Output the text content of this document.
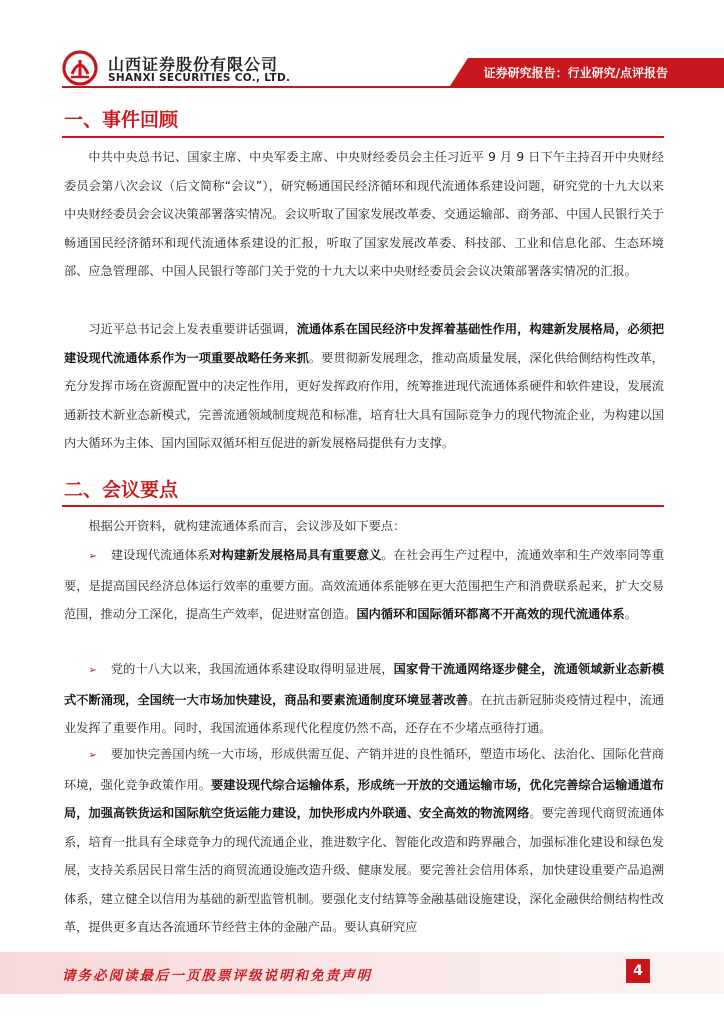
山西证券股份有限公司
SHANXI SECURITIES CO., LTD.	证券研究报告：行业研究/点评报告
一、事件回顾
中共中央总书记、国家主席、中央军委主席、中央财经委员会主任习近平 9 月 9 日下午主持召开中央财经委员会第八次会议（后文简称“会议”），研究畅通国民经济循环和现代流通体系建设问题，研究党的十九大以来中央财经委员会会议决策部署落实情况。会议听取了国家发展改革委、交通运输部、商务部、中国人民银行关于畅通国民经济循环和现代流通体系建设的汇报，听取了国家发展改革委、科技部、工业和信息化部、生态环境部、应急管理部、中国人民银行等部门关于党的十九大以来中央财经委员会会议决策部署落实情况的汇报。
习近平总书记会上发表重要讲话强调，流通体系在国民经济中发挥着基础性作用，构建新发展格局，必须把建设现代流通体系作为一项重要战略任务来抓。要贯彻新发展理念，推动高质量发展，深化供给侧结构性改革，充分发挥市场在资源配置中的决定性作用，更好发挥政府作用，统筹推进现代流通体系硬件和软件建设，发展流通新技术新业态新模式，完善流通领域制度规范和标准，培育壮大具有国际竞争力的现代物流企业，为构建以国内大循环为主体、国内国际双循环相互促进的新发展格局提供有力支撑。
二、会议要点
根据公开资料，就构建流通体系而言，会议涉及如下要点：
➢ 建设现代流通体系对构建新发展格局具有重要意义。在社会再生产过程中，流通效率和生产效率同等重要，是提高国民经济总体运行效率的重要方面。高效流通体系能够在更大范围把生产和消费联系起来，扩大交易范围，推动分工深化，提高生产效率，促进财富创造。国内循环和国际循环都离不开高效的现代流通体系。
➢ 党的十八大以来，我国流通体系建设取得明显进展，国家骨干流通网络逐步健全，流通领域新业态新模式不断涌现，全国统一大市场加快建设，商品和要素流通制度环境显著改善。在抗击新冠肺炎疫情过程中，流通业发挥了重要作用。同时，我国流通体系现代化程度仍然不高，还存在不少堵点亟待打通。
➢ 要加快完善国内统一大市场，形成供需互促、产销并进的良性循环，塑造市场化、法治化、国际化营商环境，强化竞争政策作用。要建设现代综合运输体系，形成统一开放的交通运输市场，优化完善综合运输通道布局，加强高铁货运和国际航空货运能力建设，加快形成内外联通、安全高效的物流网络。要完善现代商贸流通体系，培育一批具有全球竞争力的现代流通企业，推进数字化、智能化改造和跨界融合，加强标准化建设和绿色发展，支持关系居民日常生活的商贸流通设施改造升级、健康发展。要完善社会信用体系，加快建设重要产品追溯体系，建立健全以信用为基础的新型监管机制。要强化支付结算等金融基础设施建设，深化金融供给侧结构性改革，提供更多直达各流通环节经营主体的金融产品。要认真研究应
请务必阅读最后一页股票评级说明和免责声明	4
